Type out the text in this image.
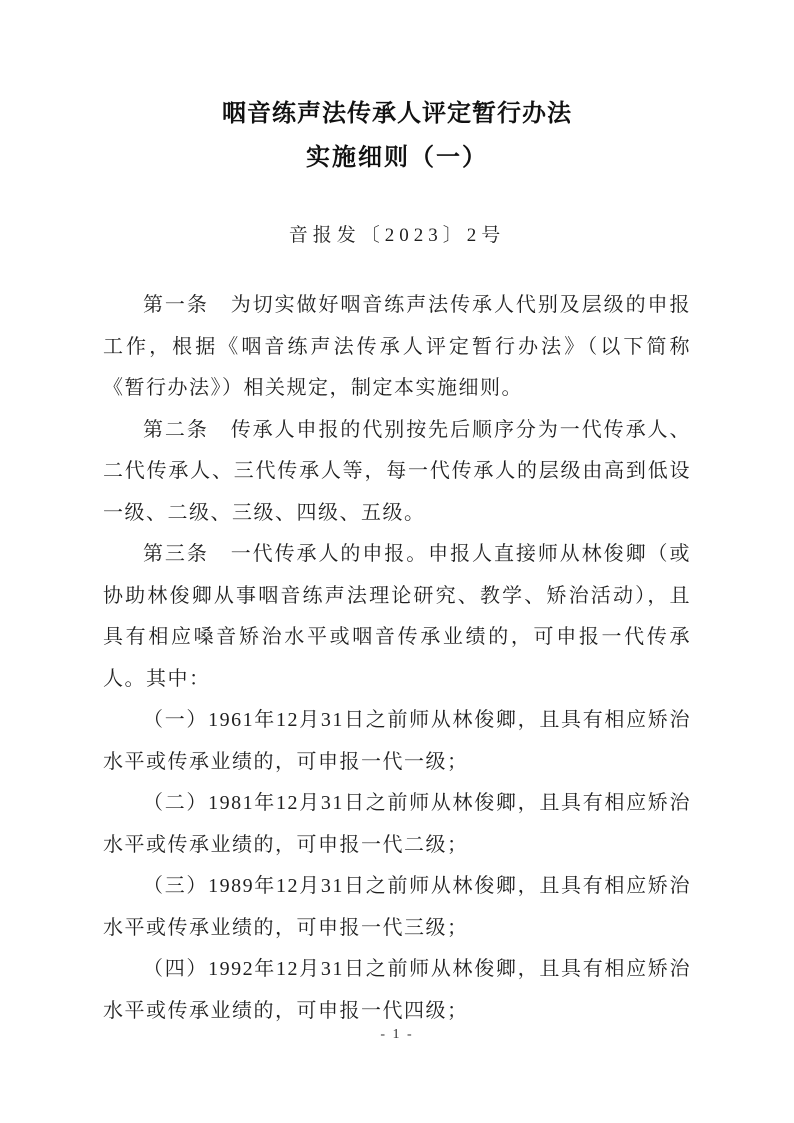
咽音练声法传承人评定暂行办法
实施细则（一）
音报发〔2023〕2号

第一条　为切实做好咽音练声法传承人代别及层级的申报工作，根据《咽音练声法传承人评定暂行办法》（以下简称《暂行办法》）相关规定，制定本实施细则。

第二条　传承人申报的代别按先后顺序分为一代传承人、二代传承人、三代传承人等，每一代传承人的层级由高到低设一级、二级、三级、四级、五级。

第三条　一代传承人的申报。申报人直接师从林俊卿（或协助林俊卿从事咽音练声法理论研究、教学、矫治活动），且具有相应嗓音矫治水平或咽音传承业绩的，可申报一代传承人。其中：

（一）1961年12月31日之前师从林俊卿，且具有相应矫治水平或传承业绩的，可申报一代一级；

（二）1981年12月31日之前师从林俊卿，且具有相应矫治水平或传承业绩的，可申报一代二级；

（三）1989年12月31日之前师从林俊卿，且具有相应矫治水平或传承业绩的，可申报一代三级；

（四）1992年12月31日之前师从林俊卿，且具有相应矫治水平或传承业绩的，可申报一代四级；

- 1 -
